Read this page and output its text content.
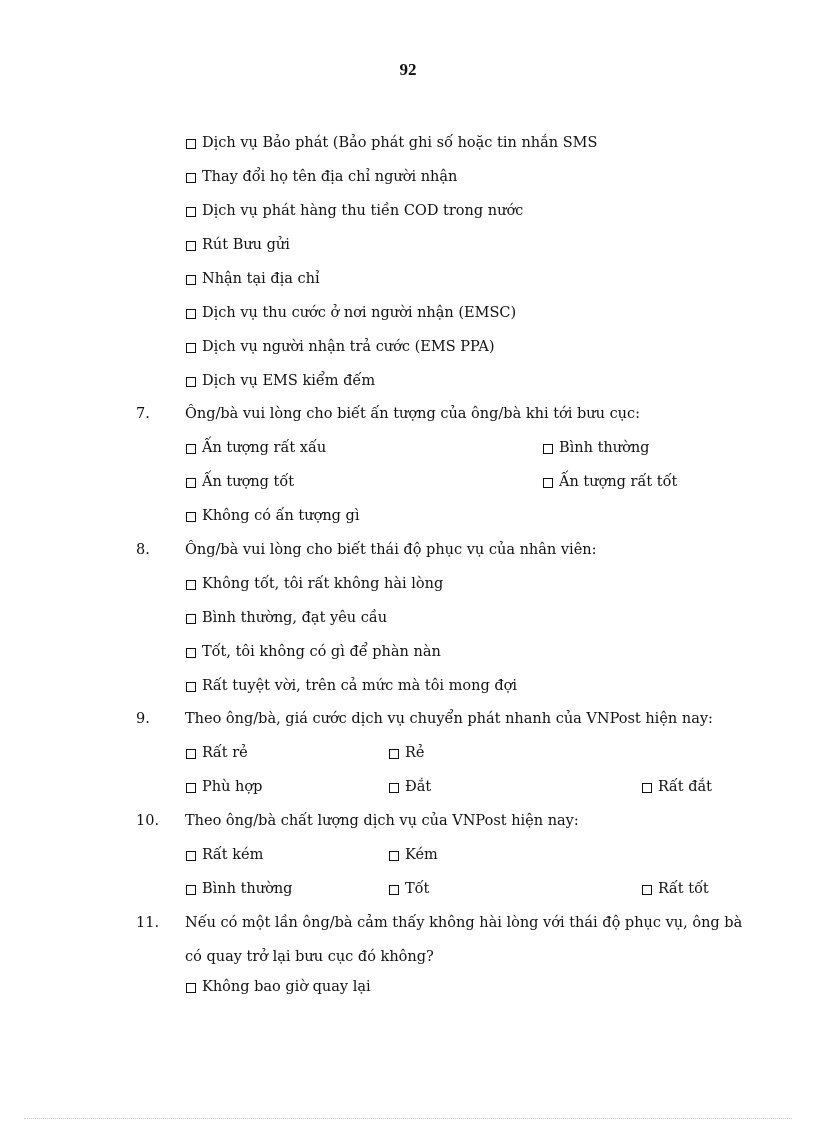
92
Dịch vụ Bảo phát (Bảo phát ghi số hoặc tin nhắn SMS
Thay đổi họ tên địa chỉ người nhận
Dịch vụ phát hàng thu tiền COD trong nước
Rút Bưu gửi
Nhận tại địa chỉ
Dịch vụ thu cước ở nơi người nhận (EMSC)
Dịch vụ người nhận trả cước (EMS PPA)
Dịch vụ EMS kiểm đếm
7. Ông/bà vui lòng cho biết ấn tượng của ông/bà khi tới bưu cục:
Ấn tượng rất xấu	Bình thường
Ấn tượng tốt	Ấn tượng rất tốt
Không có ấn tượng gì
8. Ông/bà vui lòng cho biết thái độ phục vụ của nhân viên:
Không tốt, tôi rất không hài lòng
Bình thường, đạt yêu cầu
Tốt, tôi không có gì để phàn nàn
Rất tuyệt vời, trên cả mức mà tôi mong đợi
9. Theo ông/bà, giá cước dịch vụ chuyển phát nhanh của VNPost hiện nay:
Rất rẻ	Rẻ
Phù hợp	Đắt	Rất đắt
10. Theo ông/bà chất lượng dịch vụ của VNPost hiện nay:
Rất kém	Kém
Bình thường	Tốt	Rất tốt
11. Nếu có một lần ông/bà cảm thấy không hài lòng với thái độ phục vụ, ông bà có quay trở lại bưu cục đó không?
Không bao giờ quay lại
